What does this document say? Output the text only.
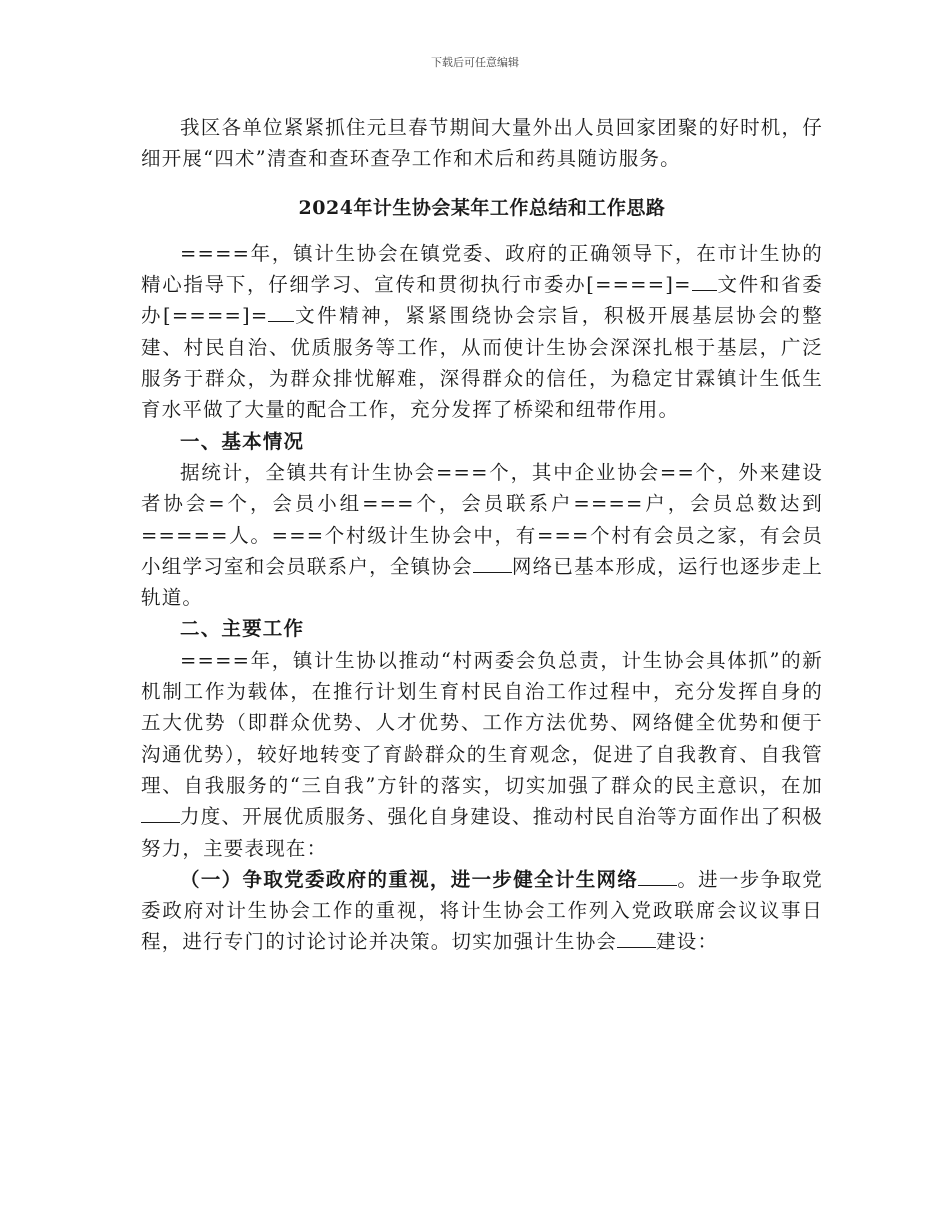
下载后可任意编辑

我区各单位紧紧抓住元旦春节期间大量外出人员回家团聚的好时机，仔细开展“四术”清查和查环查孕工作和术后和药具随访服务。

2024年计生协会某年工作总结和工作思路

====年，镇计生协会在镇党委、政府的正确领导下，在市计生协的精心指导下，仔细学习、宣传和贯彻执行市委办[====]= 文件和省委办[====]= 文件精神，紧紧围绕协会宗旨，积极开展基层协会的整建、村民自治、优质服务等工作，从而使计生协会深深扎根于基层，广泛服务于群众，为群众排忧解难，深得群众的信任，为稳定甘霖镇计生低生育水平做了大量的配合工作，充分发挥了桥梁和纽带作用。

一、基本情况

据统计，全镇共有计生协会===个，其中企业协会==个，外来建设者协会=个，会员小组===个，会员联系户====户，会员总数达到=====人。===个村级计生协会中，有===个村有会员之家，有会员小组学习室和会员联系户，全镇协会 网络已基本形成，运行也逐步走上轨道。

二、主要工作

====年，镇计生协以推动“村两委会负总责，计生协会具体抓”的新机制工作为载体，在推行计划生育村民自治工作过程中，充分发挥自身的五大优势（即群众优势、人才优势、工作方法优势、网络健全优势和便于沟通优势），较好地转变了育龄群众的生育观念，促进了自我教育、自我管理、自我服务的“三自我”方针的落实，切实加强了群众的民主意识，在加力度、开展优质服务、强化自身建设、推动村民自治等方面作出了积极努力，主要表现在：

（一）争取党委政府的重视，进一步健全计生网络 。进一步争取党委政府对计生协会工作的重视，将计生协会工作列入党政联席会议议事日程，进行专门的讨论讨论并决策。切实加强计生协会 建设：
